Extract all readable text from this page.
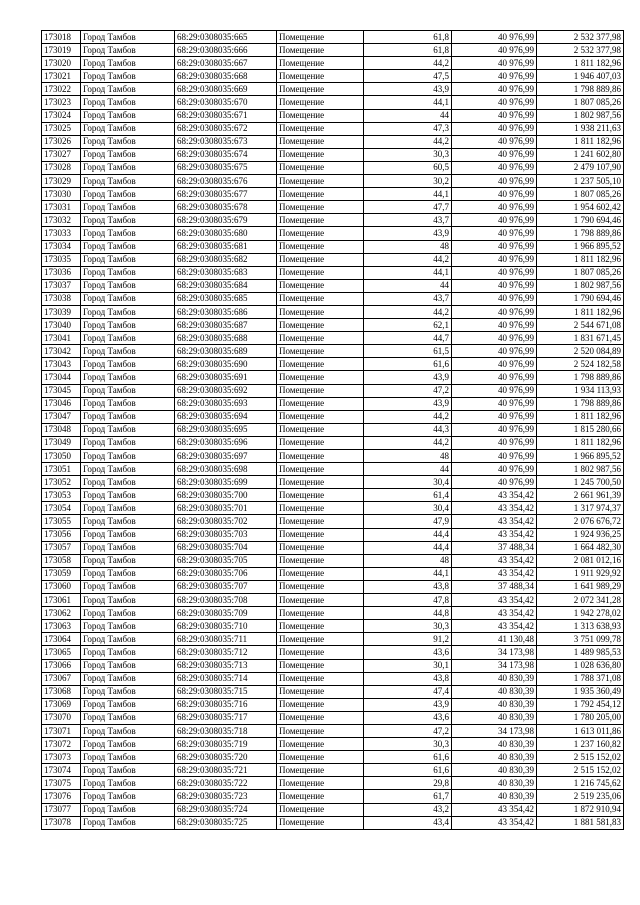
173018	Город Тамбов	68:29:0308035:665	Помещение	61,8	40 976,99	2 532 377,98
173019	Город Тамбов	68:29:0308035:666	Помещение	61,8	40 976,99	2 532 377,98
173020	Город Тамбов	68:29:0308035:667	Помещение	44,2	40 976,99	1 811 182,96
173021	Город Тамбов	68:29:0308035:668	Помещение	47,5	40 976,99	1 946 407,03
173022	Город Тамбов	68:29:0308035:669	Помещение	43,9	40 976,99	1 798 889,86
173023	Город Тамбов	68:29:0308035:670	Помещение	44,1	40 976,99	1 807 085,26
173024	Город Тамбов	68:29:0308035:671	Помещение	44	40 976,99	1 802 987,56
173025	Город Тамбов	68:29:0308035:672	Помещение	47,3	40 976,99	1 938 211,63
173026	Город Тамбов	68:29:0308035:673	Помещение	44,2	40 976,99	1 811 182,96
173027	Город Тамбов	68:29:0308035:674	Помещение	30,3	40 976,99	1 241 602,80
173028	Город Тамбов	68:29:0308035:675	Помещение	60,5	40 976,99	2 479 107,90
173029	Город Тамбов	68:29:0308035:676	Помещение	30,2	40 976,99	1 237 505,10
173030	Город Тамбов	68:29:0308035:677	Помещение	44,1	40 976,99	1 807 085,26
173031	Город Тамбов	68:29:0308035:678	Помещение	47,7	40 976,99	1 954 602,42
173032	Город Тамбов	68:29:0308035:679	Помещение	43,7	40 976,99	1 790 694,46
173033	Город Тамбов	68:29:0308035:680	Помещение	43,9	40 976,99	1 798 889,86
173034	Город Тамбов	68:29:0308035:681	Помещение	48	40 976,99	1 966 895,52
173035	Город Тамбов	68:29:0308035:682	Помещение	44,2	40 976,99	1 811 182,96
173036	Город Тамбов	68:29:0308035:683	Помещение	44,1	40 976,99	1 807 085,26
173037	Город Тамбов	68:29:0308035:684	Помещение	44	40 976,99	1 802 987,56
173038	Город Тамбов	68:29:0308035:685	Помещение	43,7	40 976,99	1 790 694,46
173039	Город Тамбов	68:29:0308035:686	Помещение	44,2	40 976,99	1 811 182,96
173040	Город Тамбов	68:29:0308035:687	Помещение	62,1	40 976,99	2 544 671,08
173041	Город Тамбов	68:29:0308035:688	Помещение	44,7	40 976,99	1 831 671,45
173042	Город Тамбов	68:29:0308035:689	Помещение	61,5	40 976,99	2 520 084,89
173043	Город Тамбов	68:29:0308035:690	Помещение	61,6	40 976,99	2 524 182,58
173044	Город Тамбов	68:29:0308035:691	Помещение	43,9	40 976,99	1 798 889,86
173045	Город Тамбов	68:29:0308035:692	Помещение	47,2	40 976,99	1 934 113,93
173046	Город Тамбов	68:29:0308035:693	Помещение	43,9	40 976,99	1 798 889,86
173047	Город Тамбов	68:29:0308035:694	Помещение	44,2	40 976,99	1 811 182,96
173048	Город Тамбов	68:29:0308035:695	Помещение	44,3	40 976,99	1 815 280,66
173049	Город Тамбов	68:29:0308035:696	Помещение	44,2	40 976,99	1 811 182,96
173050	Город Тамбов	68:29:0308035:697	Помещение	48	40 976,99	1 966 895,52
173051	Город Тамбов	68:29:0308035:698	Помещение	44	40 976,99	1 802 987,56
173052	Город Тамбов	68:29:0308035:699	Помещение	30,4	40 976,99	1 245 700,50
173053	Город Тамбов	68:29:0308035:700	Помещение	61,4	43 354,42	2 661 961,39
173054	Город Тамбов	68:29:0308035:701	Помещение	30,4	43 354,42	1 317 974,37
173055	Город Тамбов	68:29:0308035:702	Помещение	47,9	43 354,42	2 076 676,72
173056	Город Тамбов	68:29:0308035:703	Помещение	44,4	43 354,42	1 924 936,25
173057	Город Тамбов	68:29:0308035:704	Помещение	44,4	37 488,34	1 664 482,30
173058	Город Тамбов	68:29:0308035:705	Помещение	48	43 354,42	2 081 012,16
173059	Город Тамбов	68:29:0308035:706	Помещение	44,1	43 354,42	1 911 929,92
173060	Город Тамбов	68:29:0308035:707	Помещение	43,8	37 488,34	1 641 989,29
173061	Город Тамбов	68:29:0308035:708	Помещение	47,8	43 354,42	2 072 341,28
173062	Город Тамбов	68:29:0308035:709	Помещение	44,8	43 354,42	1 942 278,02
173063	Город Тамбов	68:29:0308035:710	Помещение	30,3	43 354,42	1 313 638,93
173064	Город Тамбов	68:29:0308035:711	Помещение	91,2	41 130,48	3 751 099,78
173065	Город Тамбов	68:29:0308035:712	Помещение	43,6	34 173,98	1 489 985,53
173066	Город Тамбов	68:29:0308035:713	Помещение	30,1	34 173,98	1 028 636,80
173067	Город Тамбов	68:29:0308035:714	Помещение	43,8	40 830,39	1 788 371,08
173068	Город Тамбов	68:29:0308035:715	Помещение	47,4	40 830,39	1 935 360,49
173069	Город Тамбов	68:29:0308035:716	Помещение	43,9	40 830,39	1 792 454,12
173070	Город Тамбов	68:29:0308035:717	Помещение	43,6	40 830,39	1 780 205,00
173071	Город Тамбов	68:29:0308035:718	Помещение	47,2	34 173,98	1 613 011,86
173072	Город Тамбов	68:29:0308035:719	Помещение	30,3	40 830,39	1 237 160,82
173073	Город Тамбов	68:29:0308035:720	Помещение	61,6	40 830,39	2 515 152,02
173074	Город Тамбов	68:29:0308035:721	Помещение	61,6	40 830,39	2 515 152,02
173075	Город Тамбов	68:29:0308035:722	Помещение	29,8	40 830,39	1 216 745,62
173076	Город Тамбов	68:29:0308035:723	Помещение	61,7	40 830,39	2 519 235,06
173077	Город Тамбов	68:29:0308035:724	Помещение	43,2	43 354,42	1 872 910,94
173078	Город Тамбов	68:29:0308035:725	Помещение	43,4	43 354,42	1 881 581,83
